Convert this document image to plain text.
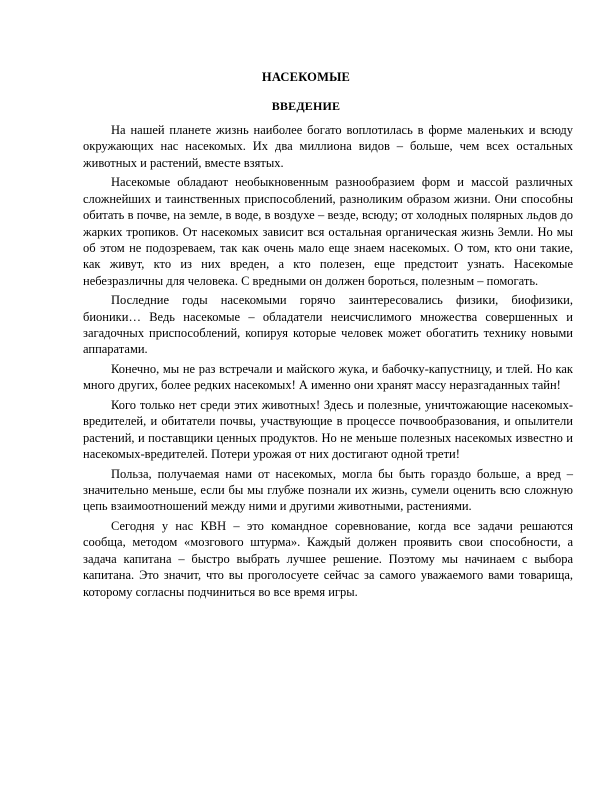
НАСЕКОМЫЕ
ВВЕДЕНИЕ

На нашей планете жизнь наиболее богато воплотилась в форме маленьких и всюду окружающих нас насекомых. Их два миллиона видов – больше, чем всех остальных животных и растений, вместе взятых.

Насекомые обладают необыкновенным разнообразием форм и массой различных сложнейших и таинственных приспособлений, разноликим образом жизни. Они способны обитать в почве, на земле, в воде, в воздухе – везде, всюду; от холодных полярных льдов до жарких тропиков. От насекомых зависит вся остальная органическая жизнь Земли. Но мы об этом не подозреваем, так как очень мало еще знаем насекомых. О том, кто они такие, как живут, кто из них вреден, а кто полезен, еще предстоит узнать. Насекомые небезразличны для человека. С вредными он должен бороться, полезным – помогать.

Последние годы насекомыми горячо заинтересовались физики, биофизики, бионики… Ведь насекомые – обладатели неисчислимого множества совершенных и загадочных приспособлений, копируя которые человек может обогатить технику новыми аппаратами.

Конечно, мы не раз встречали и майского жука, и бабочку-капустницу, и тлей. Но как много других, более редких насекомых! А именно они хранят массу неразгаданных тайн!

Кого только нет среди этих животных! Здесь и полезные, уничтожающие насекомых-вредителей, и обитатели почвы, участвующие в процессе почвообразования, и опылители растений, и поставщики ценных продуктов. Но не меньше полезных насекомых известно и насекомых-вредителей. Потери урожая от них достигают одной трети!

Польза, получаемая нами от насекомых, могла бы быть гораздо больше, а вред – значительно меньше, если бы мы глубже познали их жизнь, сумели оценить всю сложную цепь взаимоотношений между ними и другими животными, растениями.

Сегодня у нас КВН – это командное соревнование, когда все задачи решаются сообща, методом «мозгового штурма». Каждый должен проявить свои способности, а задача капитана – быстро выбрать лучшее решение. Поэтому мы начинаем с выбора капитана. Это значит, что вы проголосуете сейчас за самого уважаемого вами товарища, которому согласны подчиниться во все время игры.
